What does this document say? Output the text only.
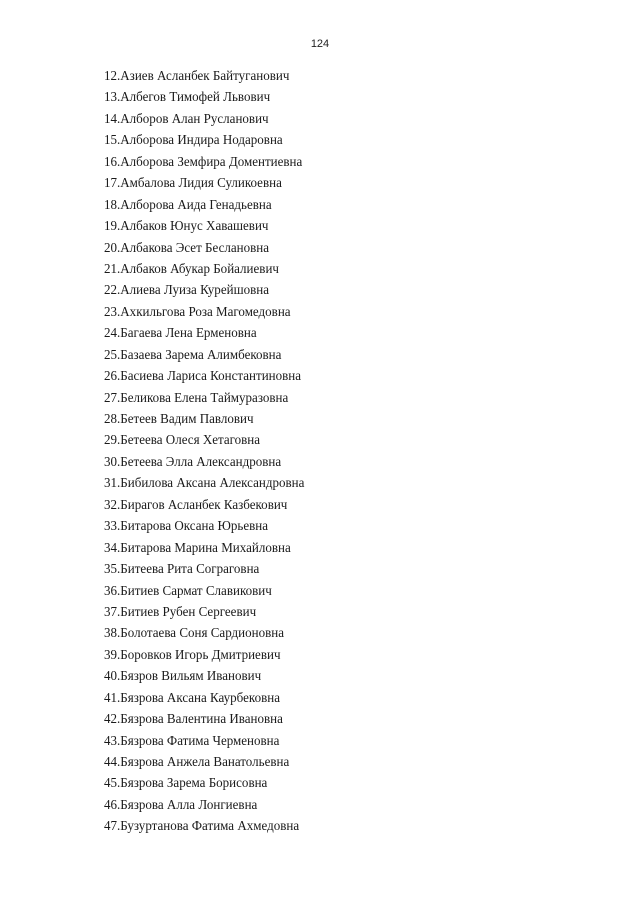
124
12.Азиев Асланбек Байтуганович
13.Албегов Тимофей Львович
14.Алборов Алан Русланович
15.Алборова Индира Нодаровна
16.Алборова Земфира Доментиевна
17.Амбалова Лидия Суликоевна
18.Алборова Аида Генадьевна
19.Албаков Юнус Хавашевич
20.Албакова Эсет Беслановна
21.Албаков Абукар Бойалиевич
22.Алиева Луиза Курейшовна
23.Ахкильгова Роза Магомедовна
24.Багаева Лена Ерменовна
25.Базаева Зарема Алимбековна
26.Басиева Лариса Константиновна
27.Беликова Елена Таймуразовна
28.Бетеев Вадим Павлович
29.Бетеева Олеся Хетаговна
30.Бетеева Элла Александровна
31.Бибилова Аксана Александровна
32.Бирагов Асланбек Казбекович
33.Битарова Оксана Юрьевна
34.Битарова Марина Михайловна
35.Битеева Рита Сограговна
36.Битиев Сармат Славикович
37.Битиев Рубен Сергеевич
38.Болотаева Соня Сардионовна
39.Боровков Игорь Дмитриевич
40.Бязров Вильям Иванович
41.Бязрова Аксана Каурбековна
42.Бязрова Валентина Ивановна
43.Бязрова Фатима Черменовна
44.Бязрова Анжела Ванатольевна
45.Бязрова Зарема Борисовна
46.Бязрова Алла Лонгиевна
47.Бузуртанова Фатима Ахмедовна
